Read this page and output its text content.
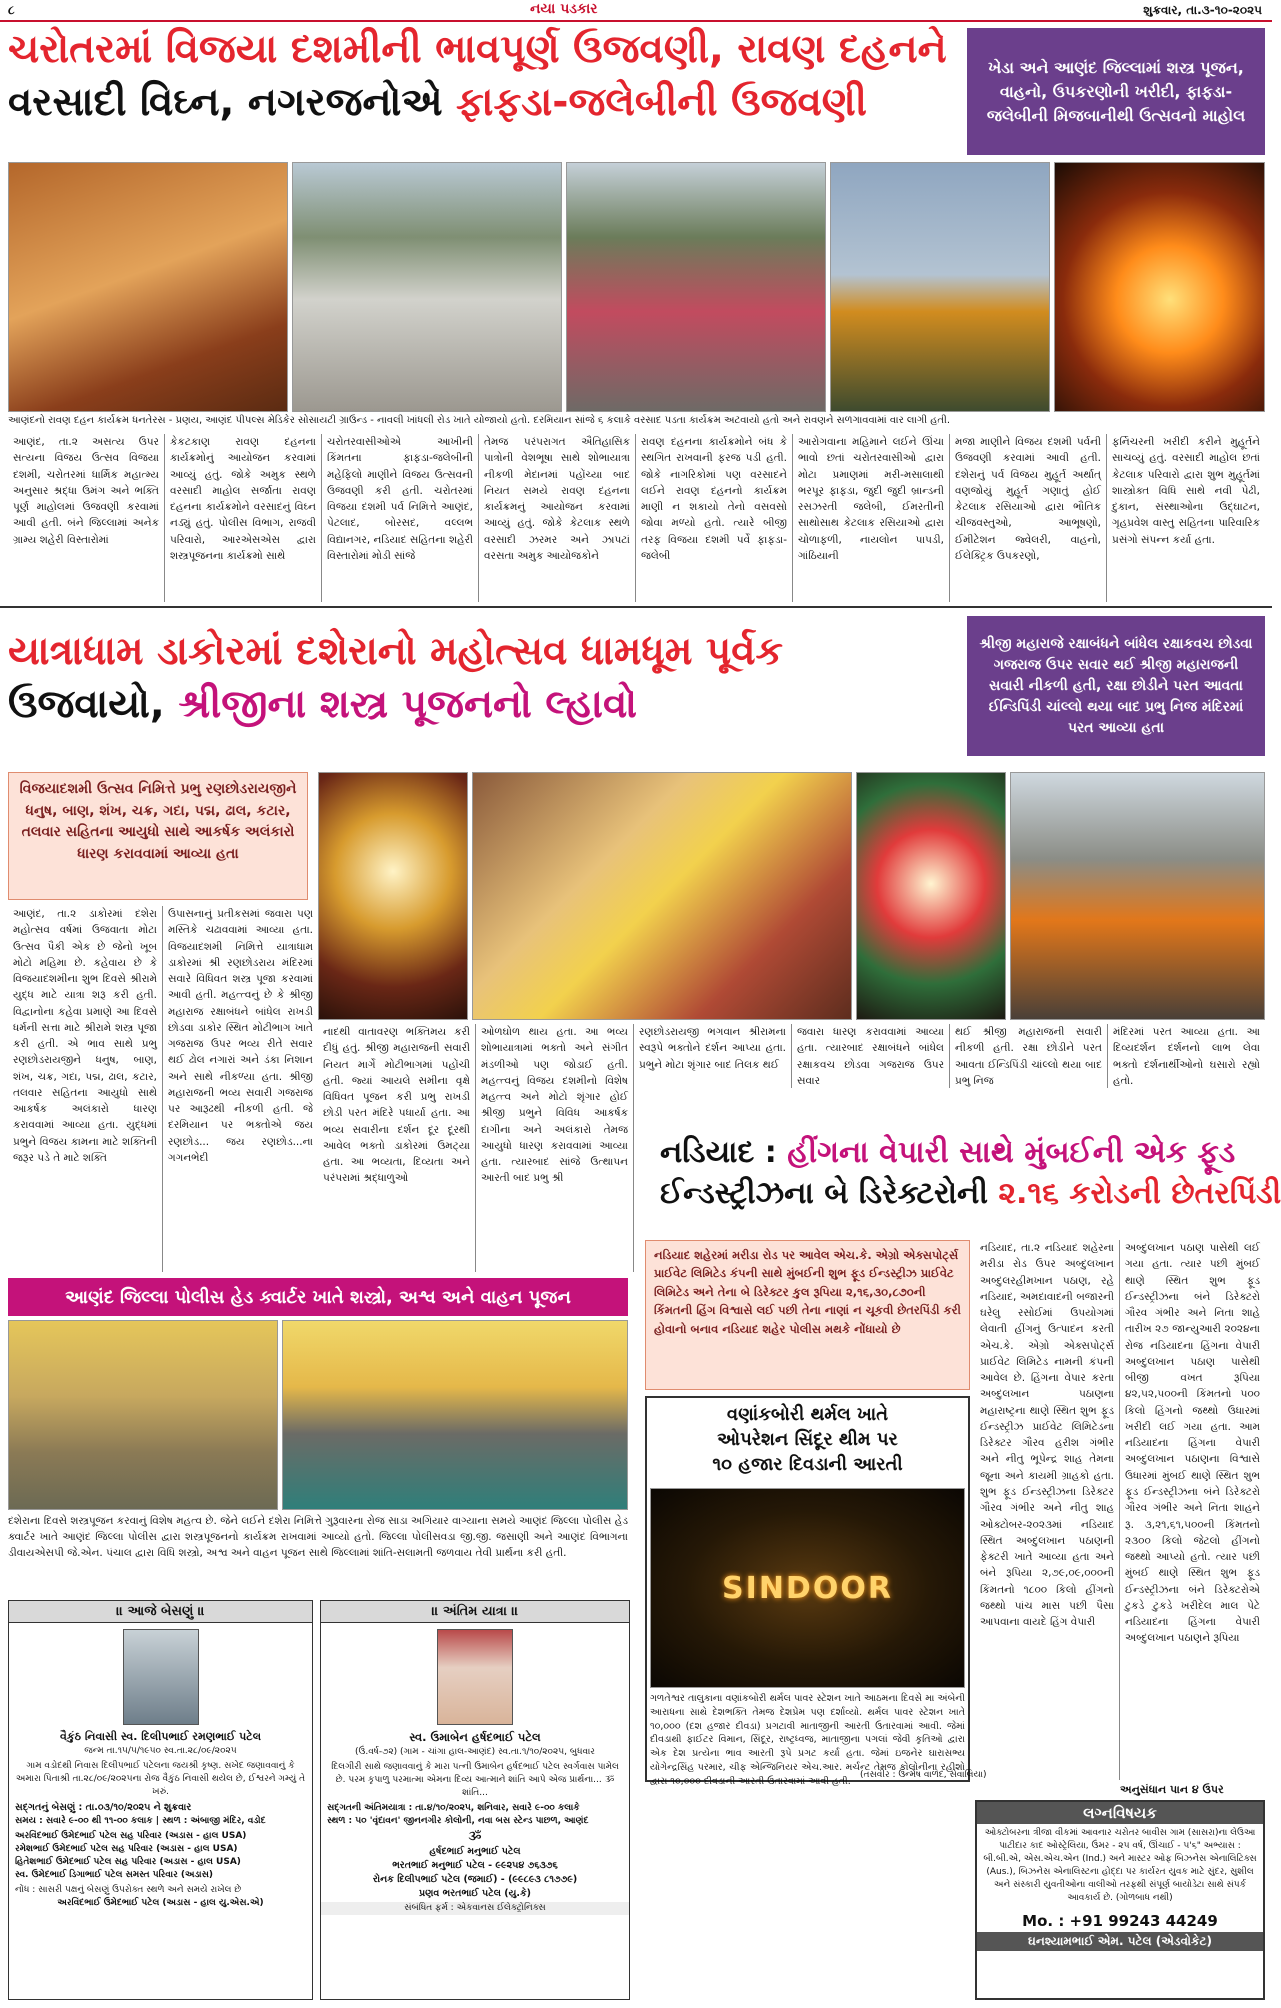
૮	નયા પડકાર	શુક્રવાર, તા.૩-૧૦-૨૦૨૫
ચરોતરમાં વિજયા દશમીની ભાવપૂર્ણ ઉજવણી, રાવણ દહનને
વરસાદી વિઘ્ન, નગરજનોએ ફાફડા-જલેબીની ઉજવણી
ખેડા અને આણંદ જિલ્લામાં શસ્ત્ર પૂજન, વાહનો, ઉપકરણોની ખરીદી, ફાફડા-જલેબીની મિજબાનીથી ઉત્સવનો માહોલ
આણંદનો રાવણ દહન કાર્યક્રમ ધનતેરસ - પ્રણય, આણંદ પીપલ્સ મેડિકેર સોસાયટી ગ્રાઉન્ડ - નાવલી ખાંધલી રોડ ખાતે યોજાયો હતો. દરમિયાન સાંજે ૬ કલાકે વરસાદ પડતા કાર્યક્રમ અટવાયો હતો અને રાવણને સળગાવવામાં વાર લાગી હતી.
આણંદ, તા.૨ અસત્ય ઉપર સત્યના વિજય ઉત્સવ વિજયા દશમી, ચરોતરમાં ધાર્મિક મહાત્મ્ય અનુસાર શ્રદ્ધા ઉમંગ અને ભક્તિ પૂર્ણ માહોલમાં ઉજવણી કરવામાં આવી હતી. બંને જિલ્લામાં અનેક ગ્રામ્ય શહેરી વિસ્તારોમાં
કેકટકાણ રાવણ દહનના કાર્યક્રમોનું આયોજન કરવામાં આવ્યું હતું. જોકે અમુક સ્થળે વરસાદી માહોલ સર્જાતા રાવણ દહનના કાર્યક્રમોને વરસાદનું વિઘ્ન નડ્યું હતું. પોલીસ વિભાગ, રાજવી પરિવારો, આરએસએસ દ્વારા શસ્ત્રપૂજનના કાર્યક્રમો સાથે
ચરોતરવાસીઓએ આખીની કિંમતના ફાફડા-જલેબીની મહેફિલો માણીને વિજય ઉત્સવની ઉજવણી કરી હતી. ચરોતરમાં વિજયા દશમી પર્વ નિમિત્તે આણંદ, પેટલાદ, બોરસદ, વલ્લભ વિદ્યાનગર, નડિયાદ સહિતના શહેરી વિસ્તારોમાં મોડી સાંજે
તેમજ પરંપરાગત ઐતિહાસિક પાત્રોની વેશભૂષા સાથે શોભાયાત્રા નીકળી મેદાનમાં પહોંચ્યા બાદ નિયત સમયે રાવણ દહનના કાર્યક્રમનું આયોજન કરવામાં આવ્યું હતું. જોકે કેટલાક સ્થળે વરસાદી ઝરમર અને ઝાપટાં વરસતા અમુક આયોજકોને
રાવણ દહનના કાર્યક્રમોને બંધ કે સ્થગિત રાખવાની ફરજ પડી હતી. જોકે નાગરિકોમાં પણ વરસાદને લઈને રાવણ દહનનો કાર્યક્રમ માણી ન શકાયો તેનો વસવસો જોવા મળ્યો હતો. ત્યારે બીજી તરફ વિજયા દશમી પર્વે ફાફડા-જલેબી
આરોગવાના મહિમાને લઈને ઊંચા ભાવો છતાં ચરોતરવાસીઓ દ્વારા મોટા પ્રમાણમાં મરી-મસાલાથી ભરપૂર ફાફડા, જુદી જુદી બ્રાન્ડની રસઝરતી જલેબી, ઈમરતીની સાથોસાથ કેટલાક રસિયાઓ દ્વારા ચોળાફળી, નાયલોન પાપડી, ગાંઠિયાની
મજા માણીને વિજય દશમી પર્વની ઉજવણી કરવામાં આવી હતી. દશેરાનું પર્વ વિજય મુહૂર્ત અર્થાત્ વણજોયું મુહૂર્ત ગણાતું હોઈ કેટલાક રસિયાઓ દ્વારા ભૌતિક ચીજવસ્તુઓ, આભૂષણો, ઈમીટેશન જ્વેલરી, વાહનો, ઈલેક્ટ્રિક ઉપકરણો,
ફર્નિચરની ખરીદી કરીને મુહૂર્તને સાચવ્યું હતું. વરસાદી માહોલ છતાં કેટલાક પરિવારો દ્વારા શુભ મુહૂર્તમાં શાસ્ત્રોક્ત વિધિ સાથે નવી પેઢી, દુકાન, સંસ્થાઓના ઉદ્ઘાટન, ગૃહપ્રવેશ વાસ્તુ સહિતના પારિવારિક પ્રસંગો સંપન્ન કર્યા હતા.
યાત્રાધામ ડાકોરમાં દશેરાનો મહોત્સવ ધામધૂમ પૂર્વક
ઉજવાયો, શ્રીજીના શસ્ત્ર પૂજનનો લ્હાવો
શ્રીજી મહારાજે રક્ષાબંધને બાંધેલ રક્ષાકવચ છોડવા ગજરાજ ઉપર સવાર થઈ શ્રીજી મહારાજની સવારી નીકળી હતી, રક્ષા છોડીને પરત આવતા ઈન્ડિપિંડી ચાંલ્લો થયા બાદ પ્રભુ નિજ મંદિરમાં પરત આવ્યા હતા
વિજયાદશમી ઉત્સવ નિમિત્તે પ્રભુ રણછોડરાયજીને ધનુષ, બાણ, શંખ, ચક્ર, ગદા, પદ્મ, ઢાલ, કટાર, તલવાર સહિતના આયુધો સાથે આકર્ષક અલંકારો ધારણ કરાવવામાં આવ્યા હતા
આણંદ, તા.૨ ડાકોરમાં દશેરા મહોત્સવ વર્ષમાં ઉજવાતા મોટા ઉત્સવ પૈકી એક છે જેનો ખૂબ મોટો મહિમા છે. કહેવાય છે કે વિજયાદશમીના શુભ દિવસે શ્રીરામે યુદ્ધ માટે યાત્રા શરૂ કરી હતી. વિદ્વાનોના કહેવા પ્રમાણે આ દિવસે ધર્મની સત્તા માટે શ્રીરામે શસ્ત્ર પૂજા કરી હતી. એ ભાવ સાથે પ્રભુ રણછોડરાયજીને ધનુષ, બાણ, શંખ, ચક્ર, ગદા, પદ્મ, ઢાલ, કટાર, તલવાર સહિતના આયુધો સાથે આકર્ષક અલંકારો ધારણ કરાવવામાં આવ્યા હતા. યુદ્ધમાં પ્રભુને વિજય કામના માટે શક્તિની જરૂર પડે તે માટે શક્તિ
ઉપાસનાનું પ્રતીકસમાં જવારા પણ મસ્તિકે ચઢાવવામાં આવ્યા હતા. વિજયાદશમી નિમિત્તે યાત્રાધામ ડાકોરમાં શ્રી રણછોડરાય મંદિરમાં સવારે વિધિવત શસ્ત્ર પૂજા કરવામાં આવી હતી. મહત્ત્વનું છે કે શ્રીજી મહારાજ રક્ષાબંધને બાંધેલ રાખડી છોડવા ડાકોર સ્થિત મોટીભાગ ખાતે ગજરાજ ઉપર ભવ્ય રીતે સવાર થઈ ઢોલ નગારાં અને ડંકા નિશાન અને સાથે નીકળ્યા હતા. શ્રીજી મહારાજની ભવ્ય સવારી ગજરાજ પર આરૂઢથી નીકળી હતી. જે દરમિયાન પર ભક્તોએ જય રણછોડ... જય રણછોડ...ના ગગનભેદી
નાદથી વાતાવરણ ભક્તિમય કરી દીધું હતું. શ્રીજી મહારાજની સવારી નિયત માર્ગે મોટીભાગમાં પહોંચી હતી. જ્યાં આયલે સમીના વૃક્ષે વિધિવત પૂજન કરી પ્રભુ રાખડી છોડી પરત મંદિરે પધાર્યા હતા. આ ભવ્ય સવારીના દર્શન દૂર દૂરથી આવેલ ભક્તો ડાકોરમાં ઉમટ્યા હતા. આ ભવ્યતા, દિવ્યતા અને પરંપરામાં શ્રદ્ધાળુઓ
ઓળઘોળ થાય હતા. આ ભવ્ય શોભાયાત્રામાં ભક્તો અને સંગીત મંડળીઓ પણ જોડાઈ હતી. મહત્ત્વનું વિજય દશમીનો વિશેષ મહત્ત્વ અને મોટો શૃંગાર હોઈ શ્રીજી પ્રભુને વિવિધ આકર્ષક દાગીના અને અલંકારો તેમજ આયુધો ધારણ કરાવવામાં આવ્યા હતા. ત્યારબાદ સાંજે ઉત્થાપન આરતી બાદ પ્રભુ શ્રી
રણછોડરાયજી ભગવાન શ્રીરામના સ્વરૂપે ભક્તોને દર્શન આપ્યા હતા. પ્રભુને મોટા શૃંગાર બાદ તિલક થઈ
જવારા ધારણ કરાવવામાં આવ્યા હતા. ત્યારબાદ રક્ષાબંધને બાંધેલ રક્ષાકવચ છોડવા ગજરાજ ઉપર સવાર
થઈ શ્રીજી મહારાજની સવારી નીકળી હતી. રક્ષા છોડીને પરત આવતા ઈન્ડિપિંડી ચાંલ્લો થયા બાદ પ્રભુ નિજ
મંદિરમાં પરત આવ્યા હતા. આ દિવ્યદર્શન દર્શનનો લાભ લેવા ભક્તો દર્શનાર્થીઓનો ઘસારો રહ્યો હતો.
નડિયાદ : હીંગના વેપારી સાથે મુંબઈની એક ફૂડ
ઈન્ડસ્ટ્રીઝના બે ડિરેક્ટરોની ૨.૧૬ કરોડની છેતરપિંડી
નડિયાદ શહેરમાં મરીડા રોડ પર આવેલ એચ.કે. એગ્રો એક્સપોર્ટ્સ પ્રાઈવેટ લિમિટેડ કંપની સાથે મુંબઈની શુભ ફૂડ ઈન્ડસ્ટ્રીઝ પ્રાઈવેટ લિમિટેડ અને તેના બે ડિરેક્ટર કુલ રૂપિયા ૨,૧૬,૩૦,૮૭૦ની કિંમતની હિંગ વિશ્વાસે લઈ પછી તેના નાણાં ન ચૂકવી છેતરપિંડી કરી હોવાનો બનાવ નડિયાદ શહેર પોલીસ મથકે નોંધાયો છે
નડિયાદ, તા.૨ નડિયાદ શહેરના મરીડા રોડ ઉપર અબ્દુલખાન અબ્દુલરહીમખાન પઠાણ, રહે નડિયાદ, અમદાવાદની બજારની ઘરેલુ રસોઈમાં ઉપયોગમાં લેવાતી હીંગનું ઉત્પાદન કરતી એચ.કે. એગ્રો એક્સપોર્ટ્સ પ્રાઈવેટ લિમિટેડ નામની કંપની આવેલ છે. હિંગના વેપાર કરતા અબ્દુલખાન પઠાણના મહારાષ્ટ્રના થાણે સ્થિત શુભ ફૂડ ઈન્ડસ્ટ્રીઝ પ્રાઈવેટ લિમિટેડના ડિરેક્ટર ગૌરવ હરીશ ગંભીર અને નીતુ ભૂપેન્દ્ર શાહ તેમના જૂના અને કાયમી ગ્રાહકો હતા. શુભ ફૂડ ઈન્ડસ્ટ્રીઝના ડિરેક્ટર ગૌરવ ગંભીર અને નીતુ શાહ ઓક્ટોબર-૨૦૨૩માં નડિયાદ સ્થિત અબ્દુલખાન પઠાણની ફેક્ટરી ખાતે આવ્યા હતા અને બંને રૂપિયા ૨,૭૯,૦૯,૦૦૦ની કિંમતનો ૧૮૦૦ કિલો હીંગનો જથ્થો પાંચ માસ પછી પૈસા આપવાના વાયદે હિંગ વેપારી
અબ્દુલખાન પઠાણ પાસેથી લઈ ગયા હતા. ત્યાર પછી મુંબઈ થાણે સ્થિત શુભ ફૂડ ઈન્ડસ્ટ્રીઝના બંને ડિરેક્ટરો ગૌરવ ગંભીર અને નિતા શાહે તારીખ ૨૭ જાન્યુઆરી ૨૦૨૪ના રોજ નડિયાદના હિંગના વેપારી અબ્દુલખાન પઠાણ પાસેથી બીજી વખત રૂપિયા ૪૨,૫૨,૫૦૦ની કિંમતનો ૫૦૦ કિલો હિંગનો જથ્થો ઉધારમાં ખરીદી લઈ ગયા હતા. આમ નડિયાદના હિંગના વેપારી અબ્દુલખાન પઠાણના વિશ્વાસે ઉધારમાં મુંબઈ થાણે સ્થિત શુભ ફૂડ ઈન્ડસ્ટ્રીઝના બંને ડિરેક્ટરો ગૌરવ ગંભીર અને નિતા શાહને રૂ. ૩,૨૧,૬૧,૫૦૦ની કિંમતનો ૨૩૦૦ કિલો જેટલો હીંગનો જથ્થો આપ્યો હતો. ત્યાર પછી મુંબઈ થાણે સ્થિત શુભ ફૂડ ઈન્ડસ્ટ્રીઝના બંને ડિરેક્ટરોએ ટુકડે ટુકડે ખરીદેલ માલ પેટે નડિયાદના હિંગના વેપારી અબ્દુલખાન પઠાણને રૂપિયા
અનુસંધાન પાન ૪ ઉપર
આણંદ જિલ્લા પોલીસ હેડ ક્વાર્ટર ખાતે શસ્ત્રો, અશ્વ અને વાહન પૂજન
દશેરાના દિવસે શસ્ત્રપૂજન કરવાનું વિશેષ મહત્વ છે. જેને લઈને દશેરા નિમિત્તે ગુરૂવારના રોજ સાડા અગિયાર વાગ્યાના સમયે આણંદ જિલ્લા પોલીસ હેડ ક્વાર્ટર ખાતે આણંદ જિલ્લા પોલીસ દ્વારા શસ્ત્રપૂજનનો કાર્યક્રમ રાખવામાં આવ્યો હતો. જિલ્લા પોલીસવડા જી.જી. જસાણી અને આણંદ વિભાગના ડીવાયએસપી જે.એન. પંચાલ દ્વારા વિધિ શસ્ત્રો, અશ્વ અને વાહન પૂજન સાથે જિલ્લામાં શાંતિ-સલામતી જળવાય તેવી પ્રાર્થના કરી હતી.
વણાંકબોરી થર્મલ ખાતે
ઓપરેશન સિંદૂર થીમ પર
૧૦ હજાર દિવડાની આરતી
SINDOOR
ગળતેશ્વર તાલુકાના વણાંકબોરી થર્મલ પાવર સ્ટેશન ખાતે આઠમના દિવસે મા અંબેની આરાધના સાથે દેશભક્તિ તેમજ દેશપ્રેમ પણ દર્શાવ્યો. થર્મલ પાવર સ્ટેશન ખાતે ૧૦,૦૦૦ (દશ હજાર દીવડા) પ્રગટાવી માતાજીની આરતી ઉતારવામાં આવી. જેમાં દીવડાથી ફાઈટર વિમાન, સિંદૂર, રાષ્ટ્રધ્વજ, માતાજીના પગલાં જેવી કૃતિઓ દ્વારા એક દેશ પ્રત્યેના ભાવ આરતી રૂપે પ્રગટ કર્યા હતા. જેમાં ઇજનેર ઘારાસભ્ય યોગેન્દ્રસિંહ પરમાર, ચીફ એન્જિનિયર એચ.આર. મર્ચન્ટ તેમજ કોલોનીના રહીશો દ્વારા ૧૦,૦૦૦ દીવડાની આરતી ઉતારવામાં આવી હતી.
(તસવીર : ઉન્મેષ વાળંદ, સેવાલિયા)
॥ આજે બેસણું ॥
વૈકુંઠ નિવાસી સ્વ. દિલીપભાઈ રમણભાઈ પટેલ
જન્મ તા.૧૫/૫/૧૯૫૦ સ્વ.તા.૨૮/૦૯/૨૦૨૫
ગામ વડોદથી નિવાસ દિલીપભાઈ પટેલના જયશ્રી કૃષ્ણ. સખેદ જણાવવાનું કે અમારા પિતાશ્રી તા.૨૮/૦૯/૨૦૨૫ના રોજ વૈકુંઠ નિવાસી થયેલ છે, ઈશ્વરને ગમ્યું તે ખરું.
સદ્ગતનું બેસણું : તા.૦૩/૧૦/૨૦૨૫ ને શુક્રવાર
સમય : સવારે ૯-૦૦ થી ૧૧-૦૦ કલાક | સ્થળ : અંબાજી મંદિર, વડોદ
અરવિંદભાઈ ઉમેદભાઈ પટેલ સહ પરિવાર (અડાસ - હાલ USA)
રમેશભાઈ ઉમેદભાઈ પટેલ સહ પરિવાર (અડાસ - હાલ USA)
હિતેશભાઈ ઉમેદભાઈ પટેલ સહ પરિવાર (અડાસ - હાલ USA)
સ્વ. ઉમેદભાઈ ડિગાભાઈ પટેલ સમસ્ત પરિવાર (અડાસ)
નોંધ : સાસરી પક્ષનું બેસણું ઉપરોક્ત સ્થળે અને સમયે રાખેલ છે
અરવિંદભાઈ ઉમેદભાઈ પટેલ (અડાસ - હાલ યુ.એસ.એ)
॥ અંતિમ યાત્રા ॥
સ્વ. ઉમાબેન હર્ષદભાઈ પટેલ
(ઉં.વર્ષ-૭૨) (ગામ - ચાંગા હાલ-આણંદ) સ્વ.તા.૧/૧૦/૨૦૨૫, બુધવાર
દિલગીરી સાથે જણાવવાનું કે મારા પત્ની ઉમાબેન હર્ષદભાઈ પટેલ સ્વર્ગવાસ પામેલ છે. પરમ કૃપાળુ પરમાત્મા એમના દિવ્ય આત્માને શાંતિ આપે એજ પ્રાર્થના... ૐ શાંતિ...
સદ્ગતની અંતિમયાત્રા : તા.૪/૧૦/૨૦૨૫, શનિવાર, સવારે ૯-૦૦ કલાકે
સ્થળ : ૫૦ 'વૃંદાવન' જીનનગીર કોલોની, નવા બસ સ્ટેન્ડ પાછળ, આણંદ
ૐ
હર્ષદભાઈ મનુભાઈ પટેલ
ભરતભાઈ મનુભાઈ પટેલ - ૯૯૨૫૪ ૭૬૩૭૬
રોનક દિલીપભાઈ પટેલ (જમાઈ) - (૯૯૮૯૩ ૮૧૭૭૯)
પ્રણવ ભરતભાઈ પટેલ (યુ.કે)
સંબંધિત ફર્મ : એકવાનસ ઈલેક્ટ્રોનિક્સ
લગ્નવિષયક
ઓક્ટોબરના ત્રીજા વીકમાં આવનાર ચરોતર બાવીસ ગામ (સાસરા)ના લેઉઆ પાટીદાર કાદ ઓસ્ટ્રેલિયા, ઉંમર - ૨૫ વર્ષ, ઊંચાઈ - ૫'૬" અભ્યાસ : બી.બી.એ, એસ.એચ.એન (Ind.) અને માસ્ટર ઓફ બિઝનેસ એનાલિટિક્સ (Aus.), બિઝનેસ એનાલિસ્ટના હોદ્દા પર કાર્યરત યુવક માટે સુંદર, સુશીલ અને સંસ્કારી યુવતીઓના વાલીઓ તરફથી સંપૂર્ણ બાયોડેટા સાથે સંપર્ક આવકાર્ય છે. (ગોળબાધ નથી)
Mo. : +91 99243 44249
ઘનશ્યામભાઈ એમ. પટેલ (એડવોકેટ)
